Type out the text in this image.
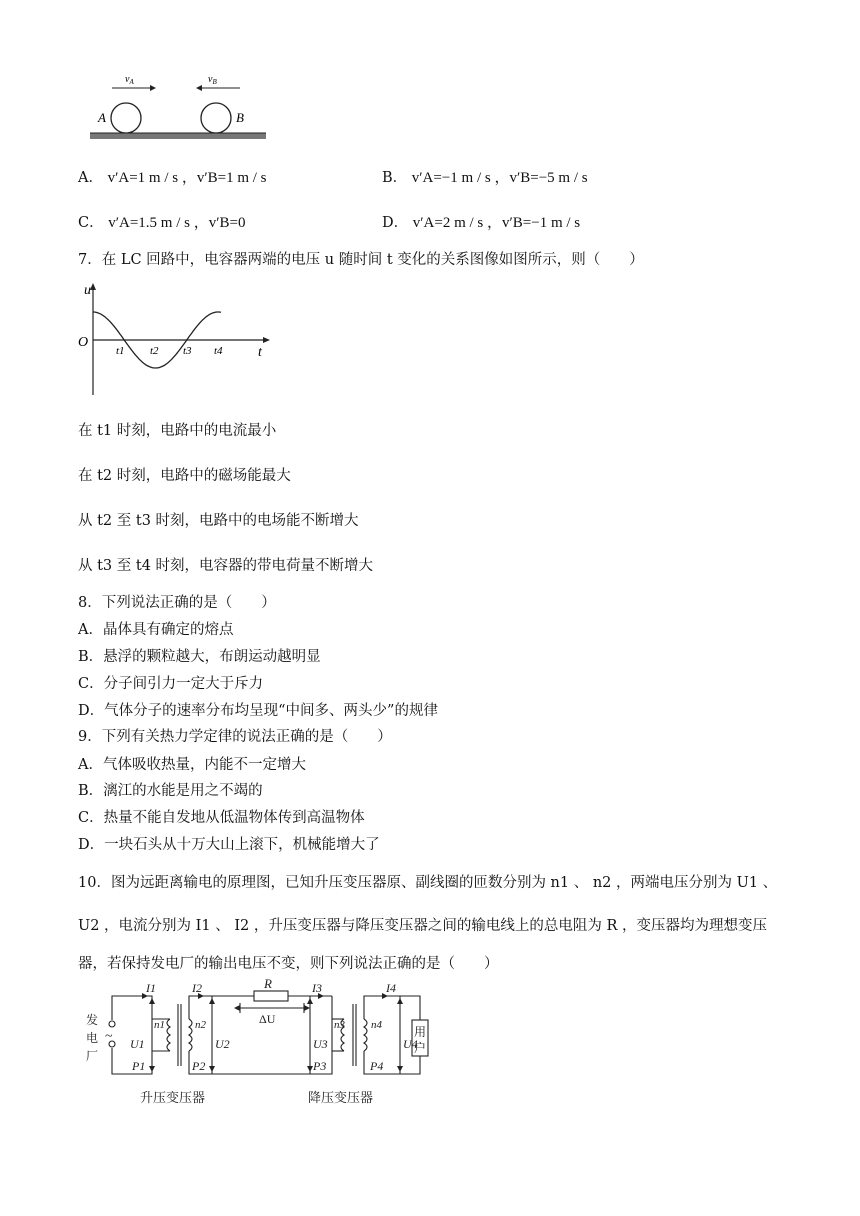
$v_A$	$v_B$
A	B
A． v′A=1 m / s ，v′B=1 m / s	B． v′A=−1 m / s ，v′B=−5 m / s
C． v′A=1.5 m / s ，v′B=0	D． v′A=2 m / s ，v′B=−1 m / s
7．在 LC 回路中，电容器两端的电压 u 随时间 t 变化的关系图像如图所示，则（　　）
u
t
O
t1 t2 t3 t4
在 t1 时刻，电路中的电流最小
在 t2 时刻，电路中的磁场能最大
从 t2 至 t3 时刻，电路中的电场能不断增大
从 t3 至 t4 时刻，电容器的带电荷量不断增大
8．下列说法正确的是（　　）
A．晶体具有确定的熔点
B．悬浮的颗粒越大，布朗运动越明显
C．分子间引力一定大于斥力
D．气体分子的速率分布均呈现“中间多、两头少”的规律
9．下列有关热力学定律的说法正确的是（　　）
A．气体吸收热量，内能不一定增大
B．漓江的水能是用之不竭的
C．热量不能自发地从低温物体传到高温物体
D．一块石头从十万大山上滚下，机械能增大了
10．图为远距离输电的原理图，已知升压变压器原、副线圈的匝数分别为 n1 、 n2 ，两端电压分别为 U1 、
U2 ，电流分别为 I1 、 I2 ，升压变压器与降压变压器之间的输电线上的总电阻为 R ，变压器均为理想变压
器，若保持发电厂的输出电压不变，则下列说法正确的是（　　）
发
电
厂
~
I1	I2	I3	I4
R
ΔU
n1	n2	n3 n4
U1	U2	U3	U4
P1	P2	P3	P4
用
户
升压变压器	降压变压器
